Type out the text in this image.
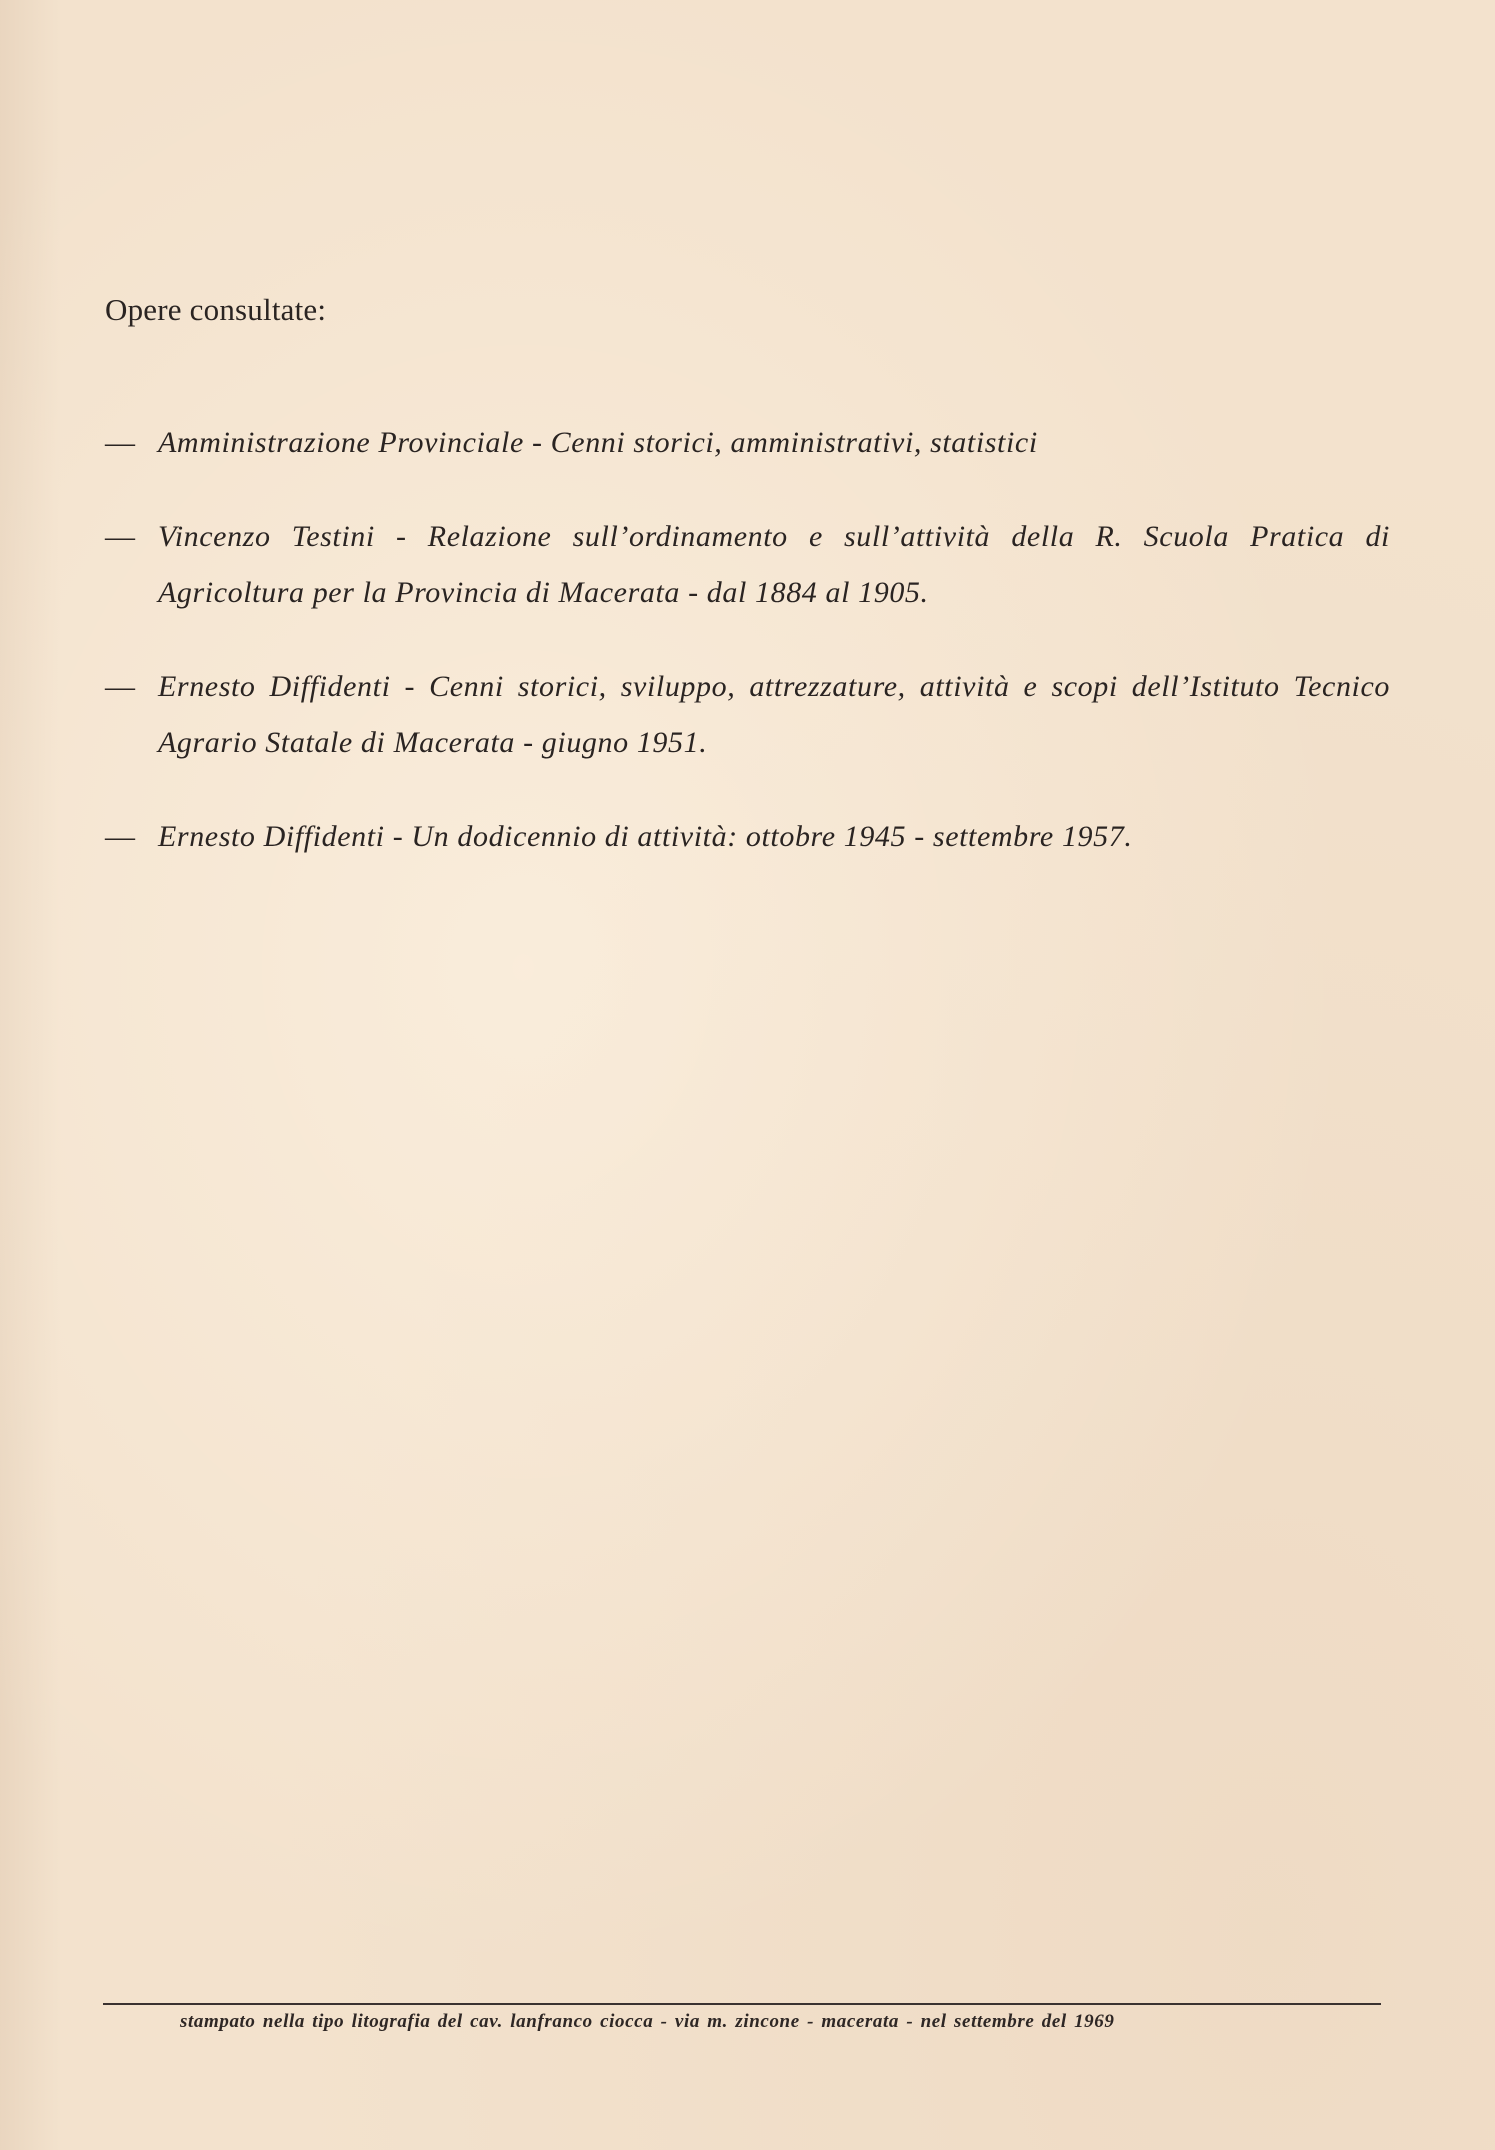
Opere consultate:
— Amministrazione Provinciale - Cenni storici, amministrativi, statistici
— Vincenzo Testini - Relazione sull’ordinamento e sull’attività della R. Scuola Pratica di Agricoltura per la Provincia di Macerata - dal 1884 al 1905.
— Ernesto Diffidenti - Cenni storici, sviluppo, attrezzature, attività e scopi dell’Istituto Tecnico Agrario Statale di Macerata - giugno 1951.
— Ernesto Diffidenti - Un dodicennio di attività: ottobre 1945 - settembre 1957.
stampato nella tipo litografia del cav. lanfranco ciocca - via m. zincone - macerata - nel settembre del 1969
